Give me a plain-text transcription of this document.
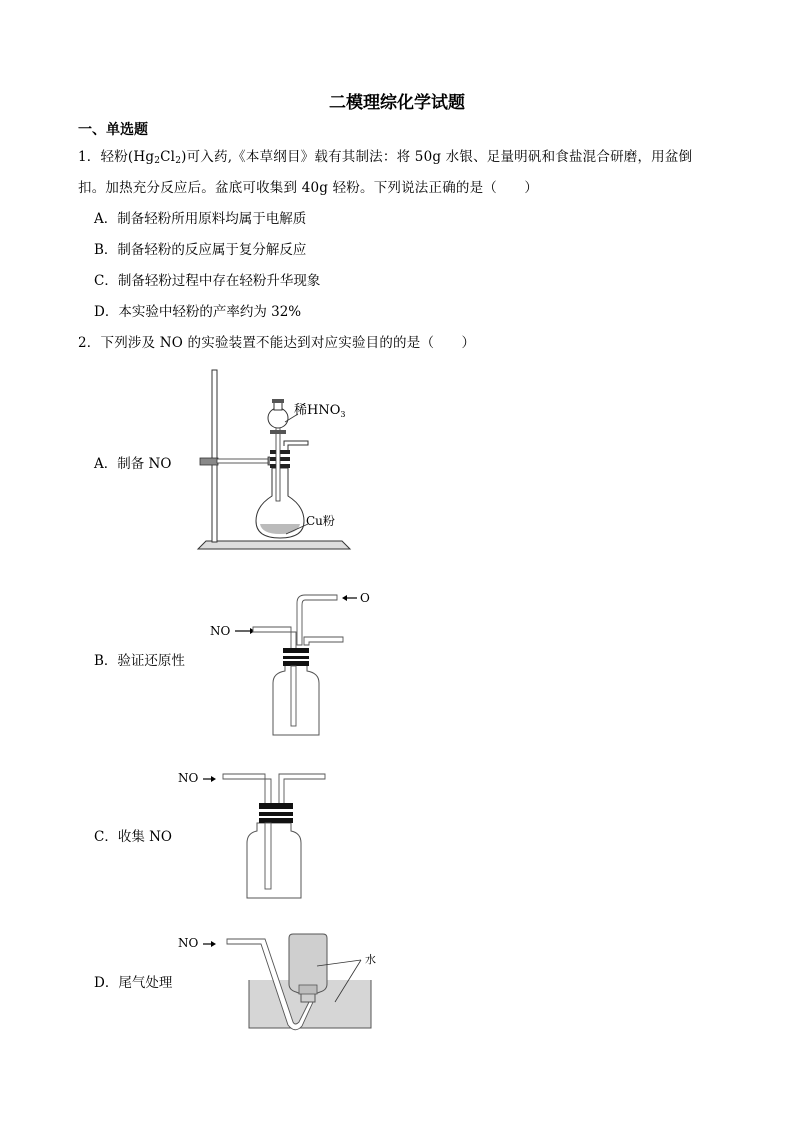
二模理综化学试题
一、单选题
1．轻粉$(Hg_2Cl_2)$可入药,《本草纲目》载有其制法：将 50g 水银、足量明矾和食盐混合研磨，用盆倒
扣。加热充分反应后。盆底可收集到 40g 轻粉。下列说法正确的是（　　）
A．制备轻粉所用原料均属于电解质
B．制备轻粉的反应属于复分解反应
C．制备轻粉过程中存在轻粉升华现象
D．本实验中轻粉的产率约为 32%
2．下列涉及 NO 的实验装置不能达到对应实验目的的是（　　）
A．制备 NO
B．验证还原性
C．收集 NO
D．尾气处理
稀$HNO_3$
Cu粉
NO
O
NO
NO
水
